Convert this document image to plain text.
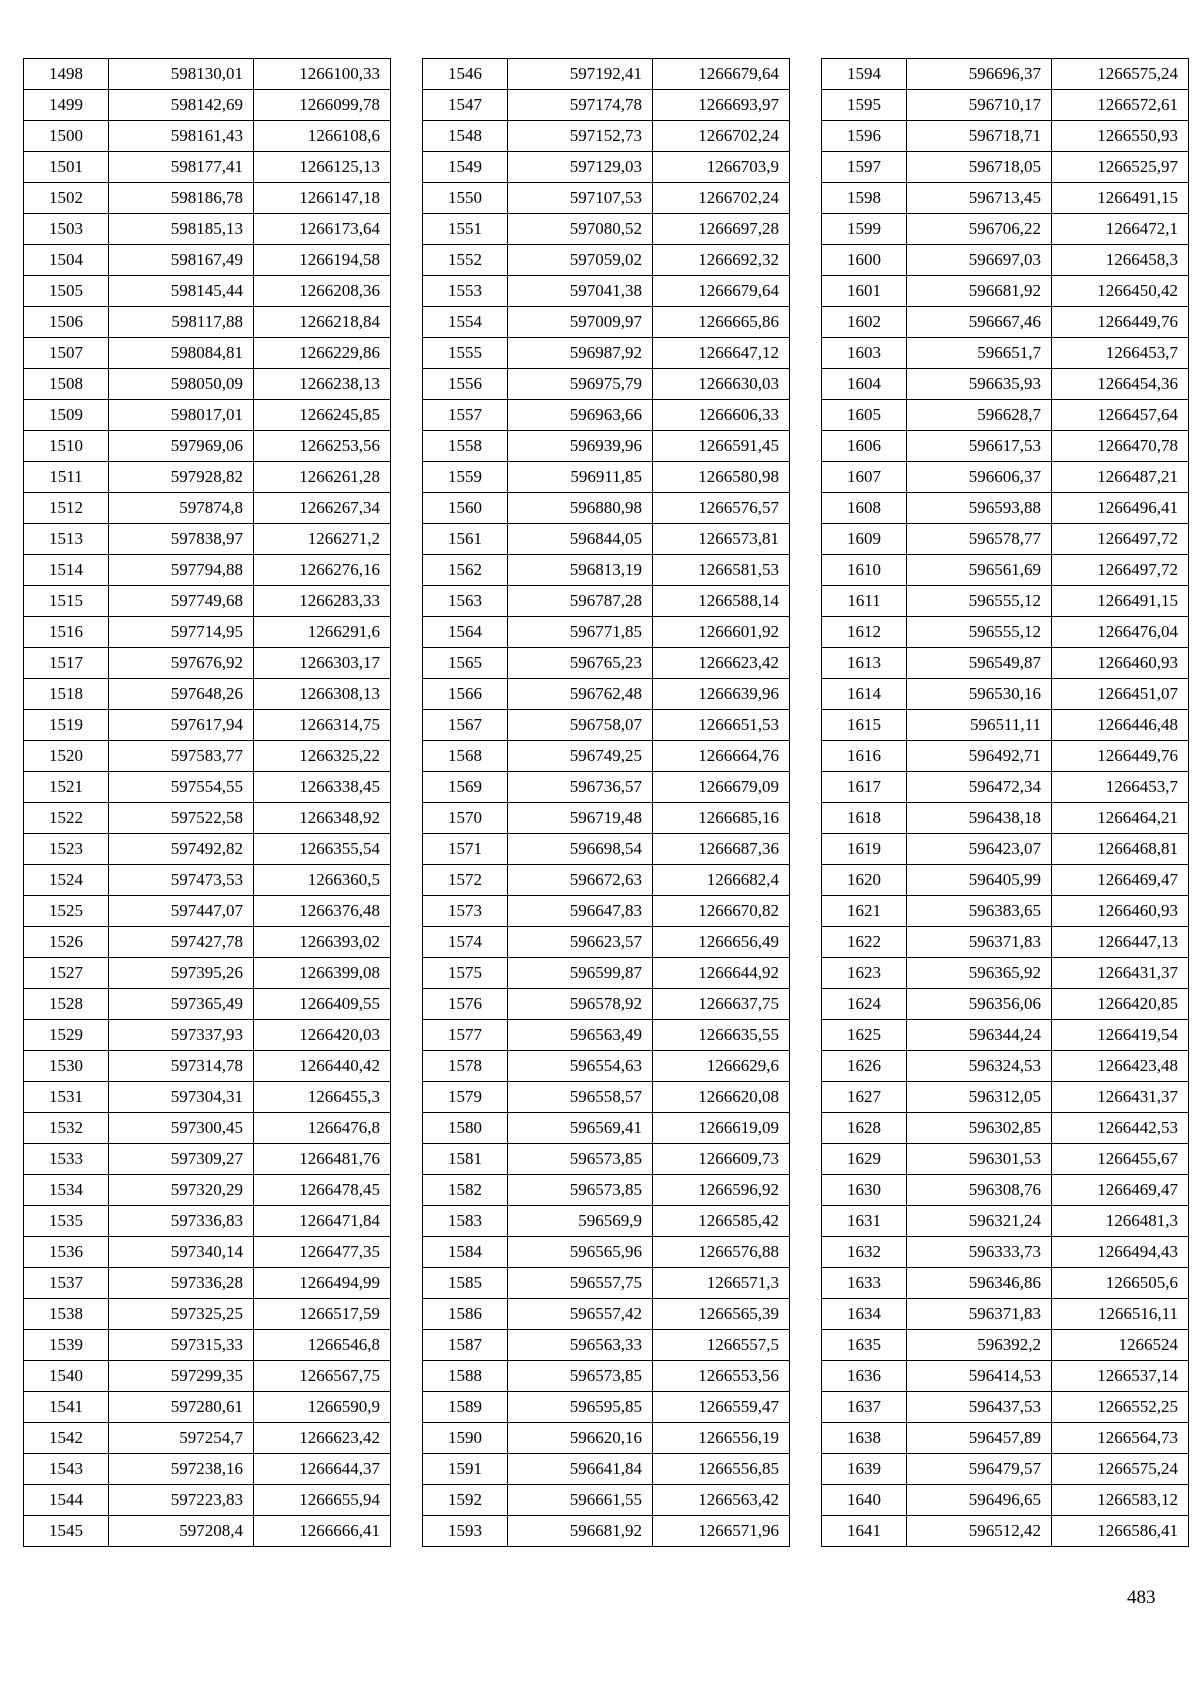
1498	598130,01	1266100,33
1499	598142,69	1266099,78
1500	598161,43	1266108,6
1501	598177,41	1266125,13
1502	598186,78	1266147,18
1503	598185,13	1266173,64
1504	598167,49	1266194,58
1505	598145,44	1266208,36
1506	598117,88	1266218,84
1507	598084,81	1266229,86
1508	598050,09	1266238,13
1509	598017,01	1266245,85
1510	597969,06	1266253,56
1511	597928,82	1266261,28
1512	597874,8	1266267,34
1513	597838,97	1266271,2
1514	597794,88	1266276,16
1515	597749,68	1266283,33
1516	597714,95	1266291,6
1517	597676,92	1266303,17
1518	597648,26	1266308,13
1519	597617,94	1266314,75
1520	597583,77	1266325,22
1521	597554,55	1266338,45
1522	597522,58	1266348,92
1523	597492,82	1266355,54
1524	597473,53	1266360,5
1525	597447,07	1266376,48
1526	597427,78	1266393,02
1527	597395,26	1266399,08
1528	597365,49	1266409,55
1529	597337,93	1266420,03
1530	597314,78	1266440,42
1531	597304,31	1266455,3
1532	597300,45	1266476,8
1533	597309,27	1266481,76
1534	597320,29	1266478,45
1535	597336,83	1266471,84
1536	597340,14	1266477,35
1537	597336,28	1266494,99
1538	597325,25	1266517,59
1539	597315,33	1266546,8
1540	597299,35	1266567,75
1541	597280,61	1266590,9
1542	597254,7	1266623,42
1543	597238,16	1266644,37
1544	597223,83	1266655,94
1545	597208,4	1266666,41
1546	597192,41	1266679,64
1547	597174,78	1266693,97
1548	597152,73	1266702,24
1549	597129,03	1266703,9
1550	597107,53	1266702,24
1551	597080,52	1266697,28
1552	597059,02	1266692,32
1553	597041,38	1266679,64
1554	597009,97	1266665,86
1555	596987,92	1266647,12
1556	596975,79	1266630,03
1557	596963,66	1266606,33
1558	596939,96	1266591,45
1559	596911,85	1266580,98
1560	596880,98	1266576,57
1561	596844,05	1266573,81
1562	596813,19	1266581,53
1563	596787,28	1266588,14
1564	596771,85	1266601,92
1565	596765,23	1266623,42
1566	596762,48	1266639,96
1567	596758,07	1266651,53
1568	596749,25	1266664,76
1569	596736,57	1266679,09
1570	596719,48	1266685,16
1571	596698,54	1266687,36
1572	596672,63	1266682,4
1573	596647,83	1266670,82
1574	596623,57	1266656,49
1575	596599,87	1266644,92
1576	596578,92	1266637,75
1577	596563,49	1266635,55
1578	596554,63	1266629,6
1579	596558,57	1266620,08
1580	596569,41	1266619,09
1581	596573,85	1266609,73
1582	596573,85	1266596,92
1583	596569,9	1266585,42
1584	596565,96	1266576,88
1585	596557,75	1266571,3
1586	596557,42	1266565,39
1587	596563,33	1266557,5
1588	596573,85	1266553,56
1589	596595,85	1266559,47
1590	596620,16	1266556,19
1591	596641,84	1266556,85
1592	596661,55	1266563,42
1593	596681,92	1266571,96
1594	596696,37	1266575,24
1595	596710,17	1266572,61
1596	596718,71	1266550,93
1597	596718,05	1266525,97
1598	596713,45	1266491,15
1599	596706,22	1266472,1
1600	596697,03	1266458,3
1601	596681,92	1266450,42
1602	596667,46	1266449,76
1603	596651,7	1266453,7
1604	596635,93	1266454,36
1605	596628,7	1266457,64
1606	596617,53	1266470,78
1607	596606,37	1266487,21
1608	596593,88	1266496,41
1609	596578,77	1266497,72
1610	596561,69	1266497,72
1611	596555,12	1266491,15
1612	596555,12	1266476,04
1613	596549,87	1266460,93
1614	596530,16	1266451,07
1615	596511,11	1266446,48
1616	596492,71	1266449,76
1617	596472,34	1266453,7
1618	596438,18	1266464,21
1619	596423,07	1266468,81
1620	596405,99	1266469,47
1621	596383,65	1266460,93
1622	596371,83	1266447,13
1623	596365,92	1266431,37
1624	596356,06	1266420,85
1625	596344,24	1266419,54
1626	596324,53	1266423,48
1627	596312,05	1266431,37
1628	596302,85	1266442,53
1629	596301,53	1266455,67
1630	596308,76	1266469,47
1631	596321,24	1266481,3
1632	596333,73	1266494,43
1633	596346,86	1266505,6
1634	596371,83	1266516,11
1635	596392,2	1266524
1636	596414,53	1266537,14
1637	596437,53	1266552,25
1638	596457,89	1266564,73
1639	596479,57	1266575,24
1640	596496,65	1266583,12
1641	596512,42	1266586,41
483
